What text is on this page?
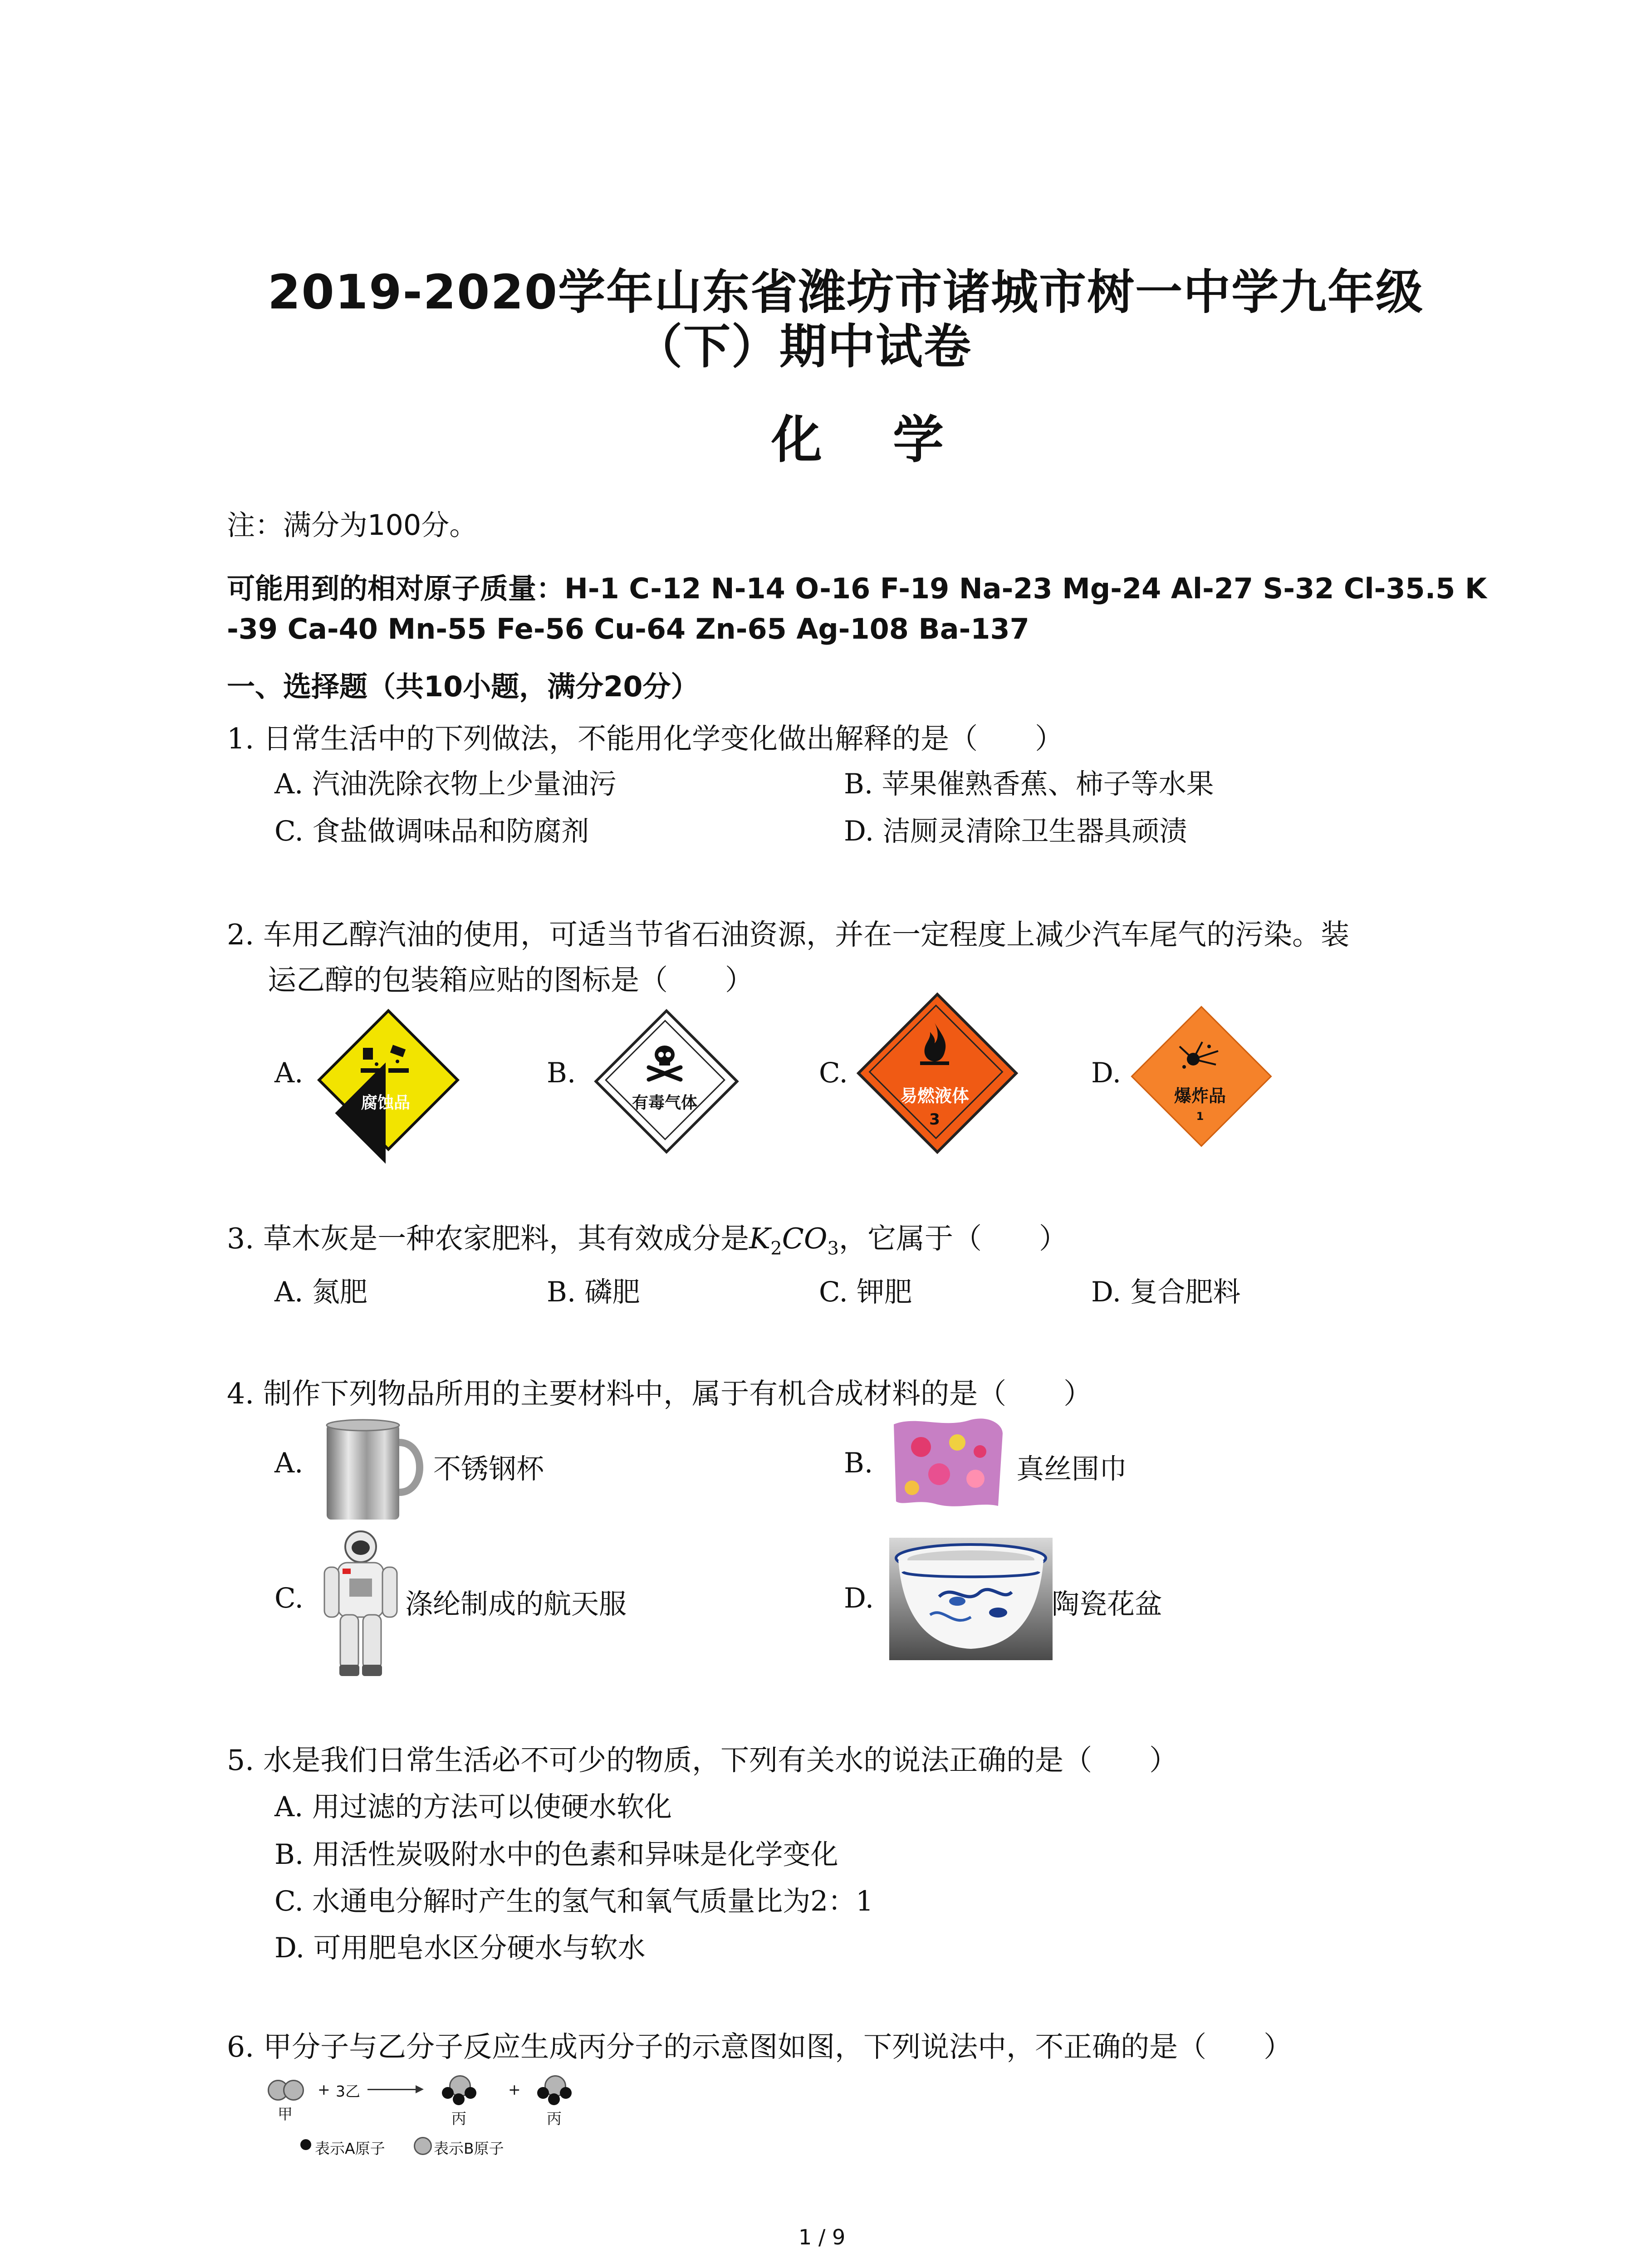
2019-2020学年山东省潍坊市诸城市树一中学九年级
（下）期中试卷
化    学
注：满分为100分。
可能用到的相对原子质量：H-1 C-12 N-14 O-16 F-19 Na-23 Mg-24 Al-27 S-32 Cl-35.5 K
-39 Ca-40 Mn-55 Fe-56 Cu-64 Zn-65 Ag-108 Ba-137
一、选择题（共10小题，满分20分）
1. 日常生活中的下列做法，不能用化学变化做出解释的是（　　）
A. 汽油洗除衣物上少量油污	B. 苹果催熟香蕉、柿子等水果
C. 食盐做调味品和防腐剂	D. 洁厕灵清除卫生器具顽渍
2. 车用乙醇汽油的使用，可适当节省石油资源，并在一定程度上减少汽车尾气的污染。装
运乙醇的包装箱应贴的图标是（　　）
A.	B.	C.	D.
腐蚀品	有毒气体	易燃液体
3
爆炸品
1
3. 草木灰是一种农家肥料，其有效成分是$K_2CO_3$，它属于（　　）
A. 氮肥	B. 磷肥	C. 钾肥	D. 复合肥料
4. 制作下列物品所用的主要材料中，属于有机合成材料的是（　　）
A.	不锈钢杯	B.	真丝围巾
C.	涤纶制成的航天服	D.	陶瓷花盆
5. 水是我们日常生活必不可少的物质，下列有关水的说法正确的是（　　）
A. 用过滤的方法可以使硬水软化
B. 用活性炭吸附水中的色素和异味是化学变化
C. 水通电分解时产生的氢气和氧气质量比为2：1
D. 可用肥皂水区分硬水与软水
6. 甲分子与乙分子反应生成丙分子的示意图如图，下列说法中，不正确的是（　　）
甲
+ 3乙
丙
+
丙
表示A原子	表示B原子
1 / 9
